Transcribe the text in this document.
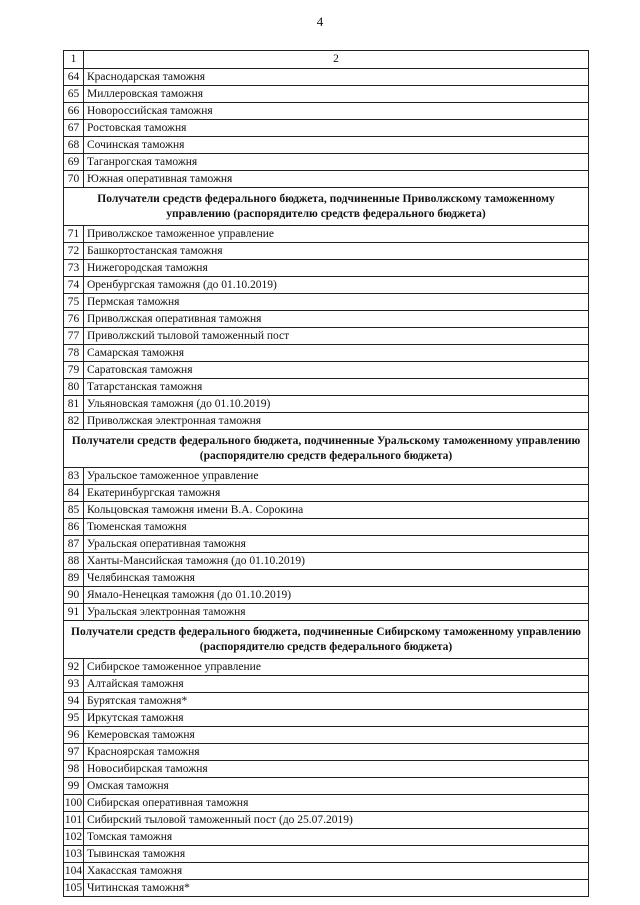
4
1	2
64	Краснодарская таможня
65	Миллеровская таможня
66	Новороссийская таможня
67	Ростовская таможня
68	Сочинская таможня
69	Таганрогская таможня
70	Южная оперативная таможня
Получатели средств федерального бюджета, подчиненные Приволжскому таможенному управлению (распорядителю средств федерального бюджета)	
71	Приволжское таможенное управление
72	Башкортостанская таможня
73	Нижегородская таможня
74	Оренбургская таможня (до 01.10.2019)
75	Пермская таможня
76	Приволжская оперативная таможня
77	Приволжский тыловой таможенный пост
78	Самарская таможня
79	Саратовская таможня
80	Татарстанская таможня
81	Ульяновская таможня (до 01.10.2019)
82	Приволжская электронная таможня
Получатели средств федерального бюджета, подчиненные Уральскому таможенному управлению (распорядителю средств федерального бюджета)	
83	Уральское таможенное управление
84	Екатеринбургская таможня
85	Кольцовская таможня имени В.А. Сорокина
86	Тюменская таможня
87	Уральская оперативная таможня
88	Ханты-Мансийская таможня (до 01.10.2019)
89	Челябинская таможня
90	Ямало-Ненецкая таможня (до 01.10.2019)
91	Уральская электронная таможня
Получатели средств федерального бюджета, подчиненные Сибирскому таможенному управлению (распорядителю средств федерального бюджета)	
92	Сибирское таможенное управление
93	Алтайская таможня
94	Бурятская таможня*
95	Иркутская таможня
96	Кемеровская таможня
97	Красноярская таможня
98	Новосибирская таможня
99	Омская таможня
100	Сибирская оперативная таможня
101	Сибирский тыловой таможенный пост (до 25.07.2019)
102	Томская таможня
103	Тывинская таможня
104	Хакасская таможня
105	Читинская таможня*
